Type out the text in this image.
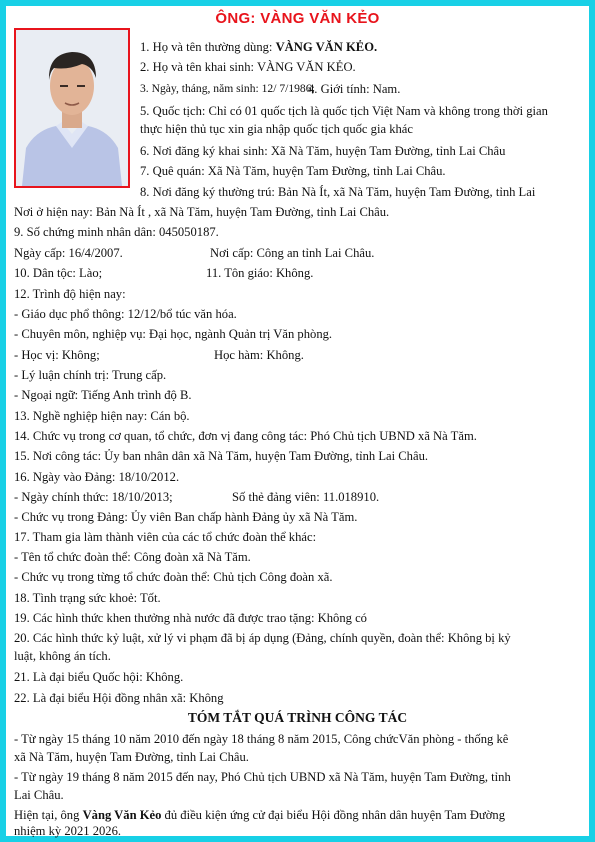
ÔNG: VÀNG VĂN KẺO
1. Họ và tên thường dùng: VÀNG VĂN KẺO.
2. Họ và tên khai sinh: VÀNG VĂN KẺO.
3. Ngày, tháng, năm sinh: 12/ 7/1986;
4. Giới tính: Nam.
5. Quốc tịch: Chỉ có 01 quốc tịch là quốc tịch Việt Nam và không trong thời gian
thực hiện thủ tục xin gia nhập quốc tịch quốc gia khác
6. Nơi đăng ký khai sinh: Xã Nà Tăm, huyện Tam Đường, tỉnh Lai Châu
7. Quê quán: Xã Nà Tăm, huyện Tam Đường, tỉnh Lai Châu.
8. Nơi đăng ký thường trú: Bản Nà Ít, xã Nà Tăm, huyện Tam Đường, tỉnh Lai
Nơi ở hiện nay: Bản Nà Ít , xã Nà Tăm, huyện Tam Đường, tỉnh Lai Châu.
9. Số chứng minh nhân dân: 045050187.
Ngày cấp: 16/4/2007.	Nơi cấp: Công an tỉnh Lai Châu.
10. Dân tộc: Lào;	11. Tôn giáo: Không.
12. Trình độ hiện nay:
- Giáo dục phổ thông: 12/12/bổ túc văn hóa.
- Chuyên môn, nghiệp vụ: Đại học, ngành Quản trị Văn phòng.
- Học vị: Không;	Học hàm: Không.
- Lý luận chính trị: Trung cấp.
- Ngoại ngữ: Tiếng Anh trình độ B.
13. Nghề nghiệp hiện nay: Cán bộ.
14. Chức vụ trong cơ quan, tổ chức, đơn vị đang công tác: Phó Chủ tịch UBND xã Nà Tăm.
15. Nơi công tác: Ủy ban nhân dân xã Nà Tăm, huyện Tam Đường, tỉnh Lai Châu.
16. Ngày vào Đảng: 18/10/2012.
- Ngày chính thức: 18/10/2013;	Số thẻ đảng viên: 11.018910.
- Chức vụ trong Đảng: Ủy viên Ban chấp hành Đảng ủy xã Nà Tăm.
17. Tham gia làm thành viên của các tổ chức đoàn thể khác:
- Tên tổ chức đoàn thể: Công đoàn xã Nà Tăm.
- Chức vụ trong từng tổ chức đoàn thể: Chủ tịch Công đoàn xã.
18. Tình trạng sức khoẻ: Tốt.
19. Các hình thức khen thưởng nhà nước đã được trao tặng: Không có
20. Các hình thức kỷ luật, xử lý vi phạm đã bị áp dụng (Đảng, chính quyền, đoàn thể: Không bị kỷ
luật, không án tích.
21. Là đại biểu Quốc hội: Không.
22. Là đại biểu Hội đồng nhân xã: Không
TÓM TẮT QUÁ TRÌNH CÔNG TÁC
- Từ ngày 15 tháng 10 năm 2010 đến ngày 18 tháng 8 năm 2015, Công chứcVăn phòng - thống kê
xã Nà Tăm, huyện Tam Đường, tỉnh Lai Châu.
- Từ ngày 19 tháng 8 năm 2015 đến nay, Phó Chủ tịch UBND xã Nà Tăm, huyện Tam Đường, tỉnh
Lai Châu.
Hiện tại, ông Vàng Văn Kẻo đủ điều kiện ứng cử đại biểu Hội đồng nhân dân huyện Tam Đường
nhiệm kỳ 2021 2026.
